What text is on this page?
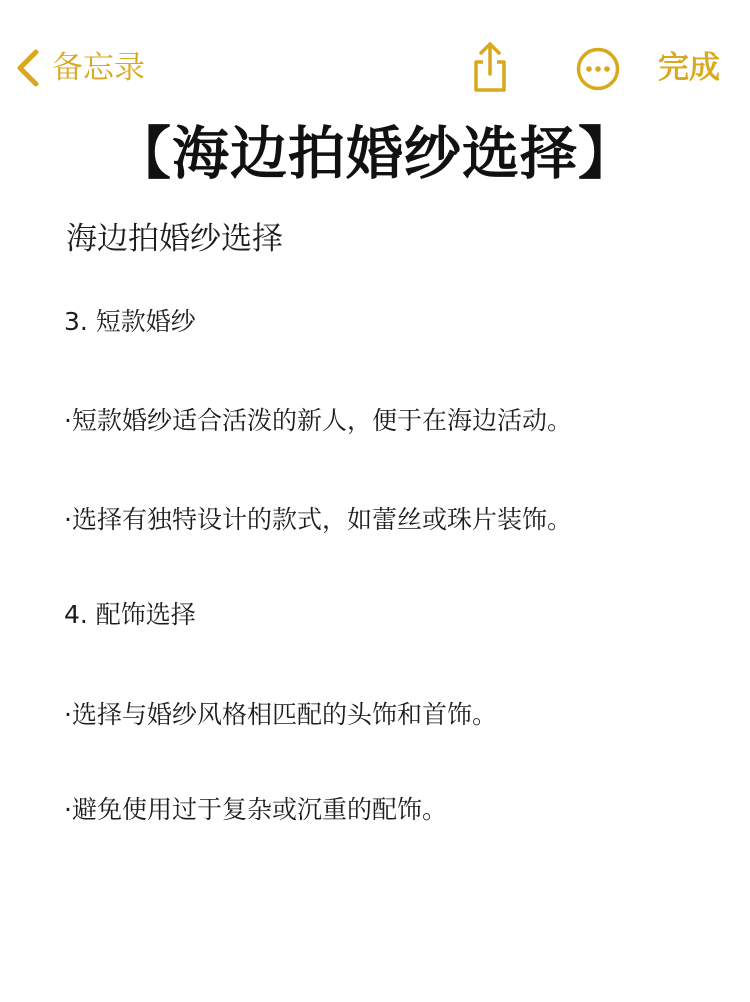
备忘录	完成
【海边拍婚纱选择】
海边拍婚纱选择
3. 短款婚纱
·短款婚纱适合活泼的新人，便于在海边活动。
·选择有独特设计的款式，如蕾丝或珠片装饰。
4. 配饰选择
·选择与婚纱风格相匹配的头饰和首饰。
·避免使用过于复杂或沉重的配饰。
